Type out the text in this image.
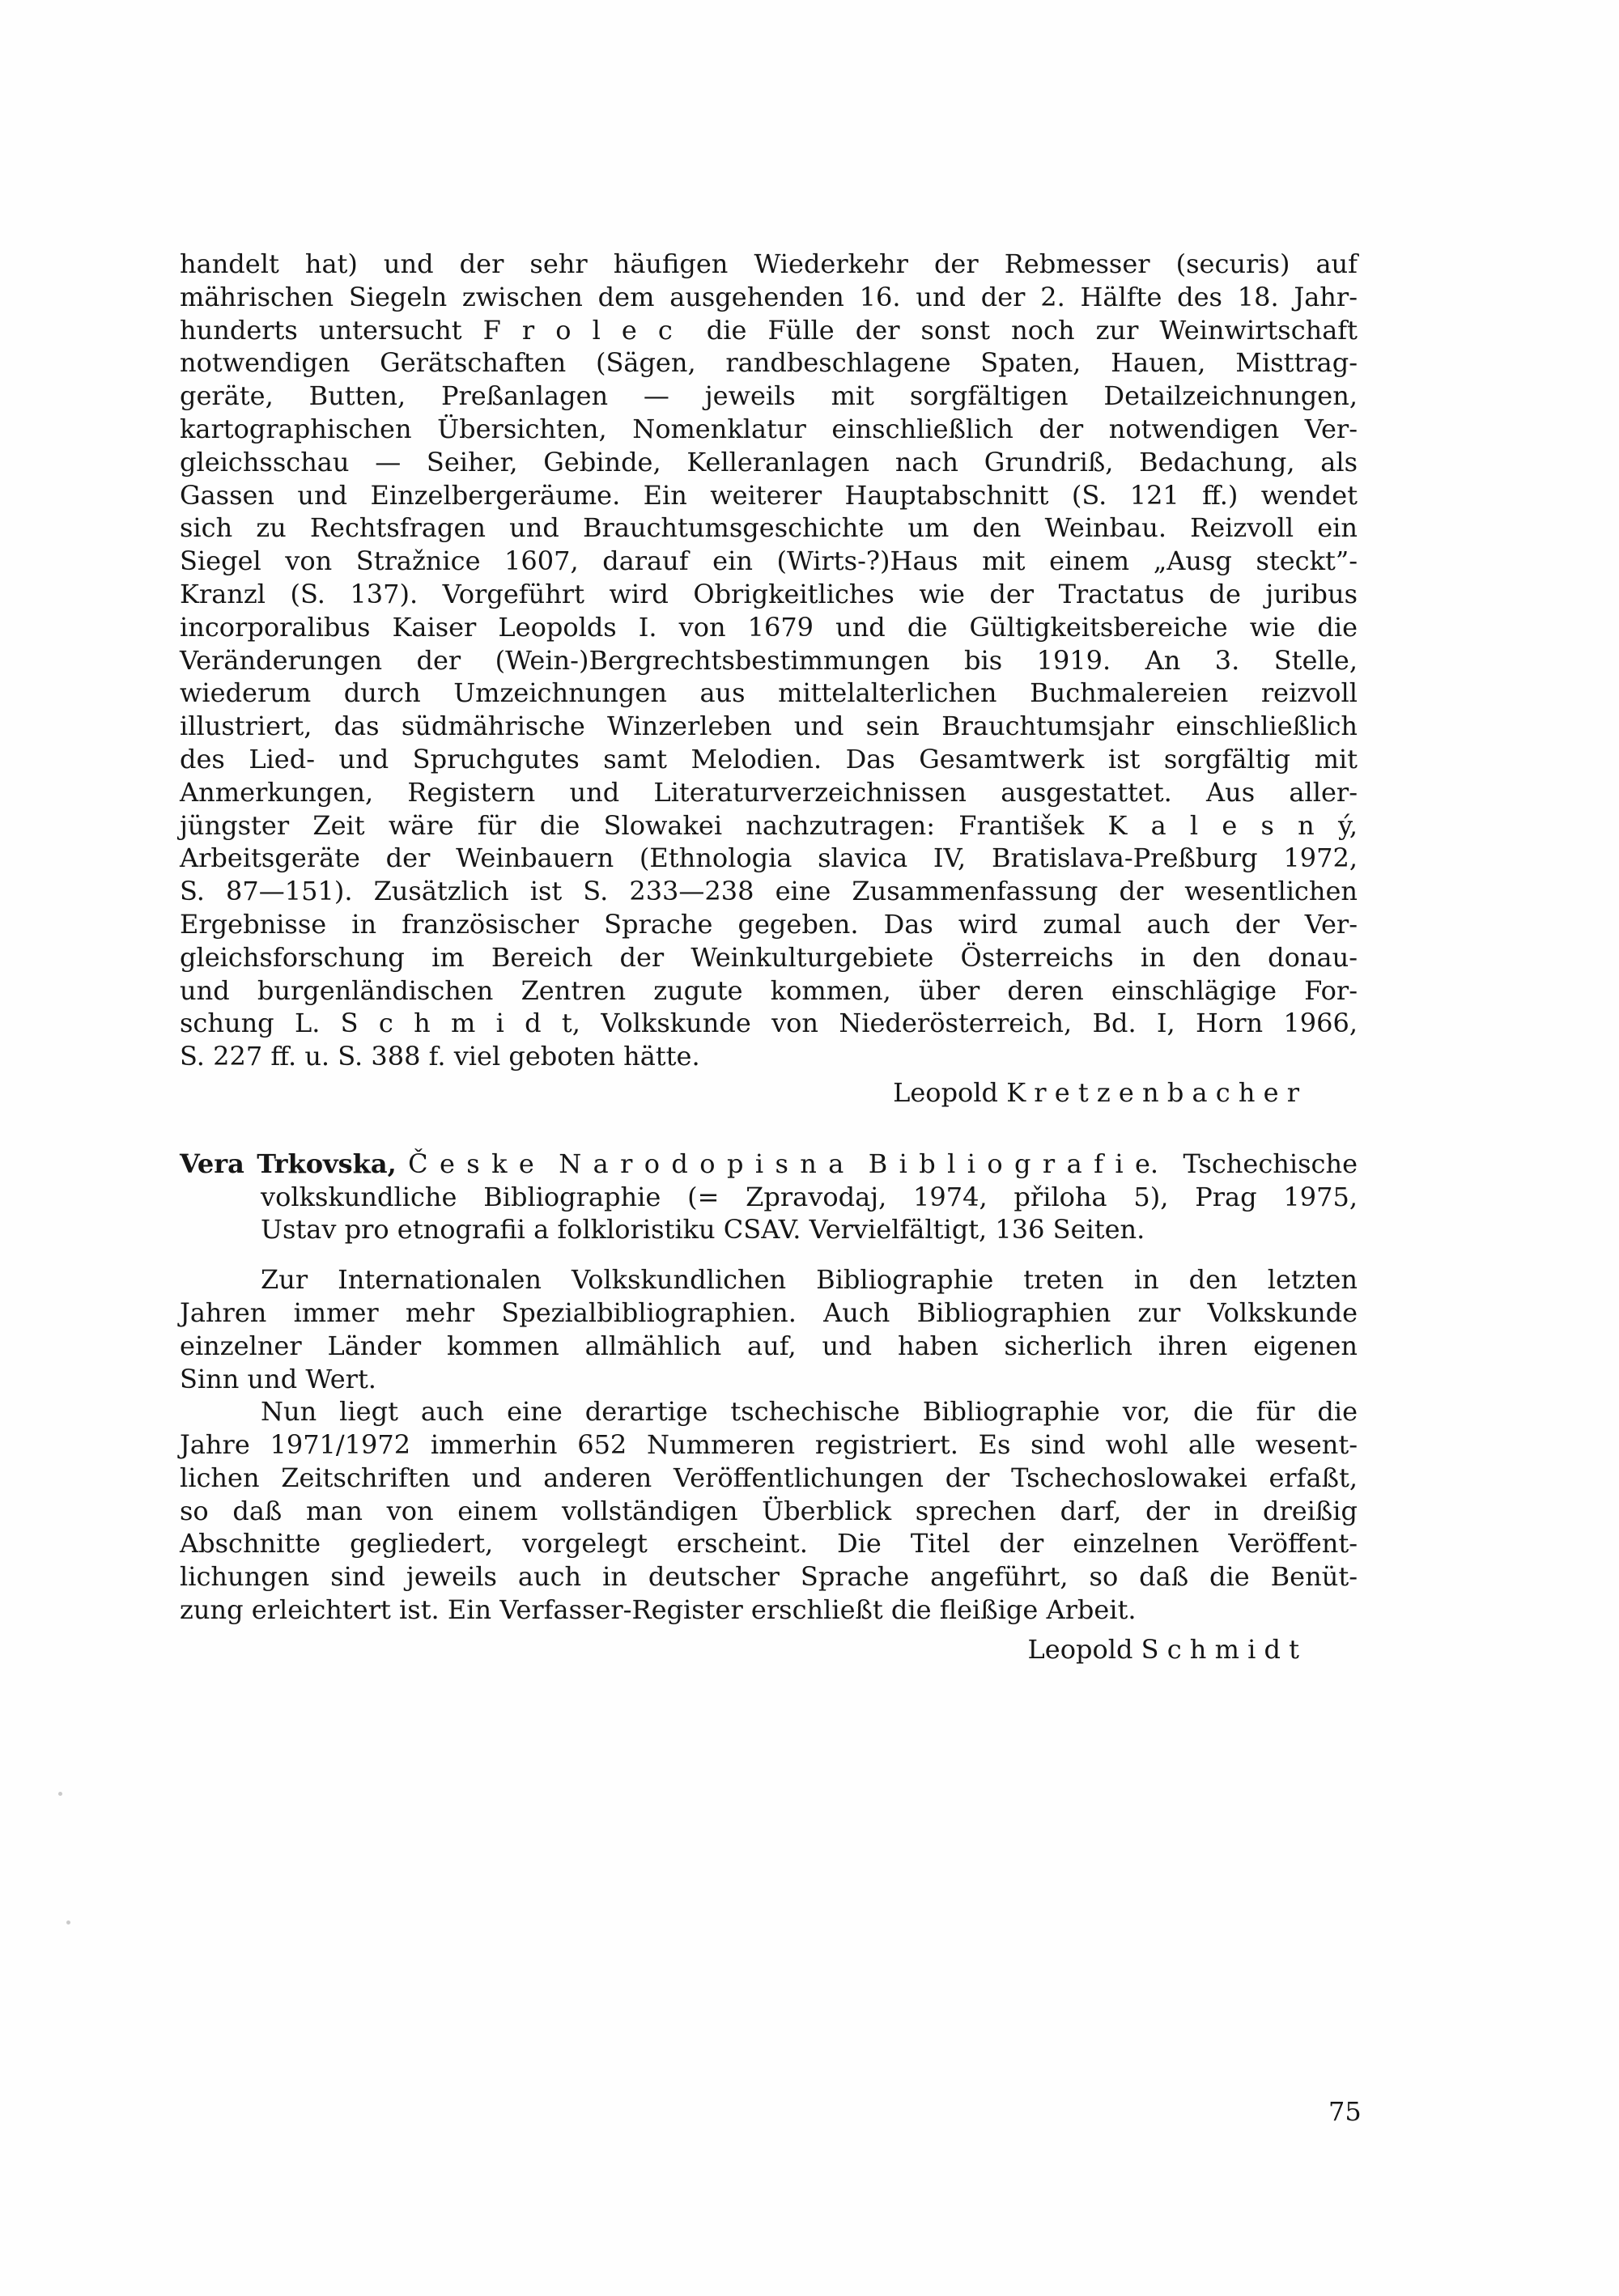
handelt hat) und der sehr häufigen Wiederkehr der Rebmesser (securis) auf
mährischen Siegeln zwischen dem ausgehenden 16. und der 2. Hälfte des 18. Jahr-
hunderts untersucht F r o l e c  die Fülle der sonst noch zur Weinwirtschaft
notwendigen Gerätschaften (Sägen, randbeschlagene Spaten, Hauen, Misttrag-
geräte, Butten, Preßanlagen — jeweils mit sorgfältigen Detailzeichnungen,
kartographischen Übersichten, Nomenklatur einschließlich der notwendigen Ver-
gleichsschau — Seiher, Gebinde, Kelleranlagen nach Grundriß, Bedachung, als
Gassen und Einzelbergeräume. Ein weiterer Hauptabschnitt (S. 121 ff.) wendet
sich zu Rechtsfragen und Brauchtumsgeschichte um den Weinbau. Reizvoll ein
Siegel von Stražnice 1607, darauf ein (Wirts-?)Haus mit einem „Ausg steckt”-
Kranzl (S. 137). Vorgeführt wird Obrigkeitliches wie der Tractatus de juribus
incorporalibus Kaiser Leopolds I. von 1679 und die Gültigkeitsbereiche wie die
Veränderungen der (Wein-)Bergrechtsbestimmungen bis 1919. An 3. Stelle,
wiederum durch Umzeichnungen aus mittelalterlichen Buchmalereien reizvoll
illustriert, das südmährische Winzerleben und sein Brauchtumsjahr einschließlich
des Lied- und Spruchgutes samt Melodien. Das Gesamtwerk ist sorgfältig mit
Anmerkungen, Registern und Literaturverzeichnissen ausgestattet. Aus aller-
jüngster Zeit wäre für die Slowakei nachzutragen: František K a l e s n ý,
Arbeitsgeräte der Weinbauern (Ethnologia slavica IV, Bratislava-Preßburg 1972,
S. 87—151). Zusätzlich ist S. 233—238 eine Zusammenfassung der wesentlichen
Ergebnisse in französischer Sprache gegeben. Das wird zumal auch der Ver-
gleichsforschung im Bereich der Weinkulturgebiete Österreichs in den donau-
und burgenländischen Zentren zugute kommen, über deren einschlägige For-
schung L. S c h m i d t, Volkskunde von Niederösterreich, Bd. I, Horn 1966,
S. 227 ff. u. S. 388 f. viel geboten hätte.
Leopold K r e t z e n b a c h e r
Vera Trkovska, Č e s k e  N a r o d o p i s n a  B i b l i o g r a f i e.  Tschechische
volkskundliche Bibliographie (= Zpravodaj, 1974, přiloha 5), Prag 1975,
Ustav pro etnografii a folkloristiku CSAV. Vervielfältigt, 136 Seiten.
Zur Internationalen Volkskundlichen Bibliographie treten in den letzten
Jahren immer mehr Spezialbibliographien. Auch Bibliographien zur Volkskunde
einzelner Länder kommen allmählich auf, und haben sicherlich ihren eigenen
Sinn und Wert.
Nun liegt auch eine derartige tschechische Bibliographie vor, die für die
Jahre 1971/1972 immerhin 652 Nummeren registriert. Es sind wohl alle wesent-
lichen Zeitschriften und anderen Veröffentlichungen der Tschechoslowakei erfaßt,
so daß man von einem vollständigen Überblick sprechen darf, der in dreißig
Abschnitte gegliedert, vorgelegt erscheint. Die Titel der einzelnen Veröffent-
lichungen sind jeweils auch in deutscher Sprache angeführt, so daß die Benüt-
zung erleichtert ist. Ein Verfasser-Register erschließt die fleißige Arbeit.
Leopold S c h m i d t
75
